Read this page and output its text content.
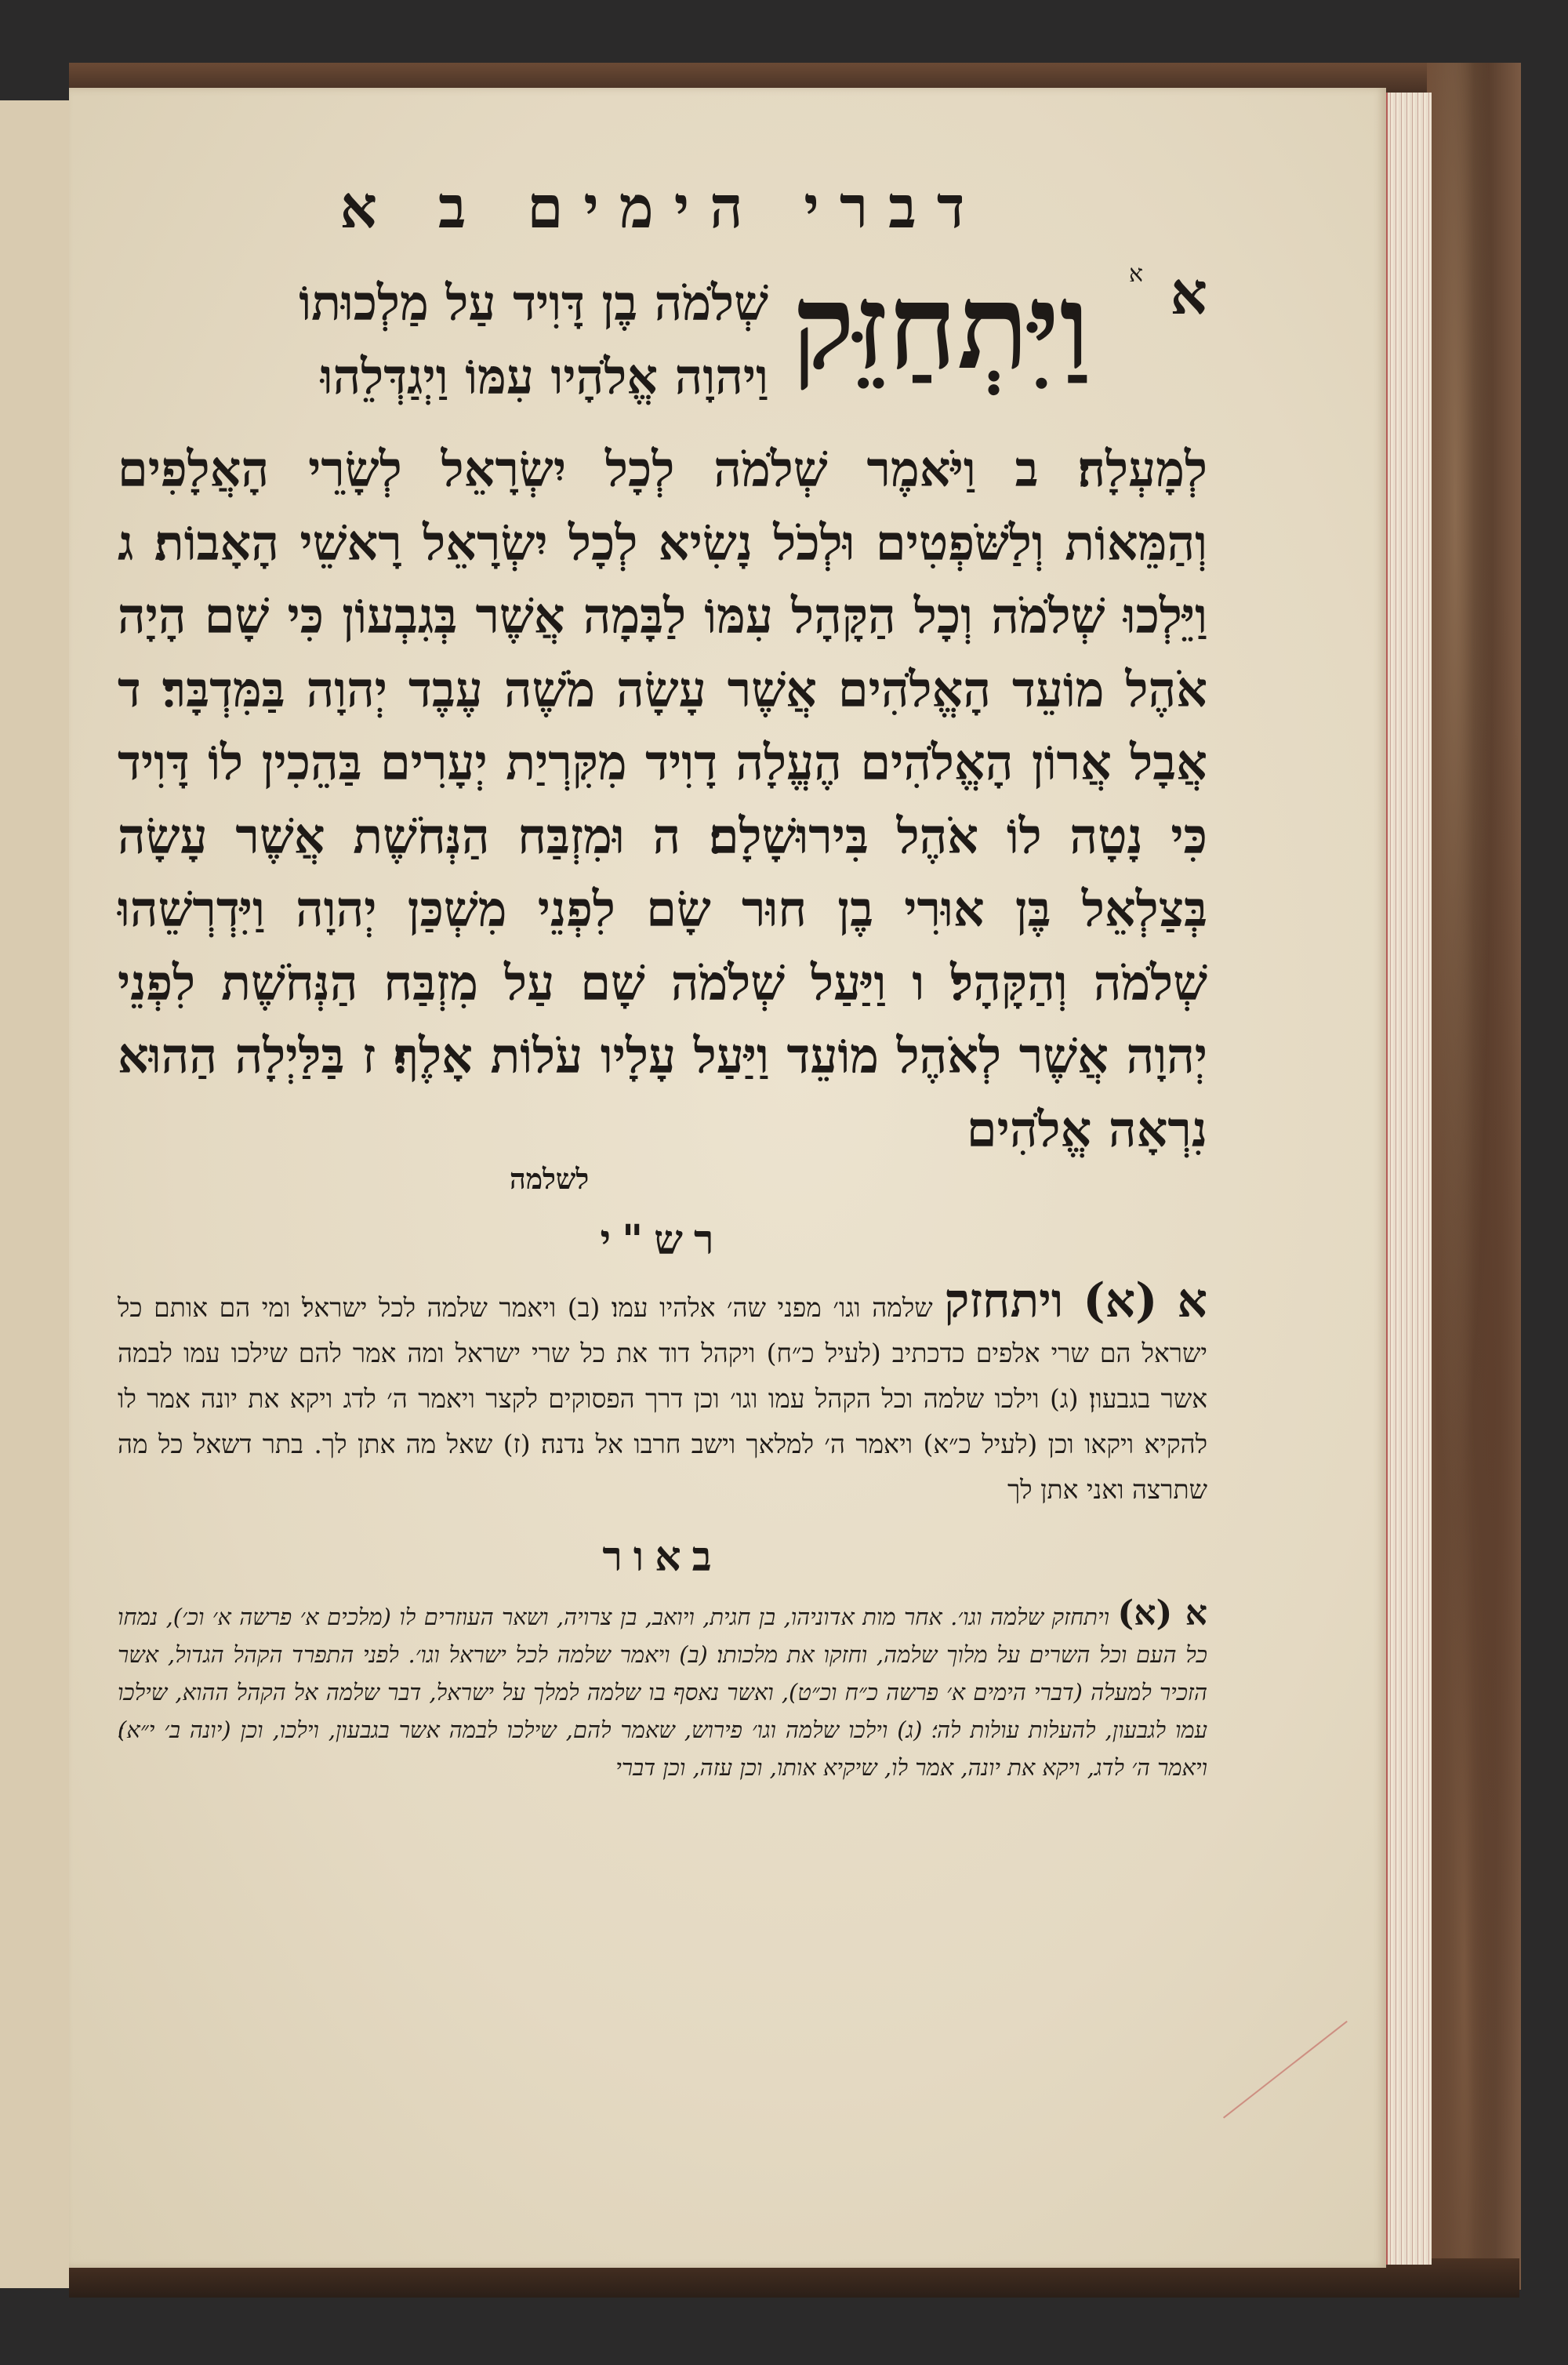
דברי הימים ב א
א
א
וַיִּתְחַזֵּק
שְׁלֹמֹה בֶן דָּוִיד עַל מַלְכוּתוֹ
וַיהוָה אֱלֹהָיו עִמּוֹ וַיְגַדְּלֵהוּ
לְמָעְלָה׃ ב וַיֹּאמֶר שְׁלֹמֹה לְכָל יִשְׂרָאֵל לְשָׂרֵי הָאֲלָפִים וְהַמֵּאוֹת וְלַשֹּׁפְטִים וּלְכֹל נָשִׂיא לְכָל יִשְׂרָאֵל רָאשֵׁי הָאָבוֹת׃ ג וַיֵּלְכוּ שְׁלֹמֹה וְכָל הַקָּהָל עִמּוֹ לַבָּמָה אֲשֶׁר בְּגִבְעוֹן כִּי שָׁם הָיָה אֹהֶל מוֹעֵד הָאֱלֹהִים אֲשֶׁר עָשָׂה מֹשֶׁה עֶבֶד יְהוָה בַּמִּדְבָּר׃ ד אֲבָל אֲרוֹן הָאֱלֹהִים הֶעֱלָה דָוִיד מִקִּרְיַת יְעָרִים בַּהֵכִין לוֹ דָּוִיד כִּי נָטָה לוֹ אֹהֶל בִּירוּשָׁלָם׃ ה וּמִזְבַּח הַנְּחֹשֶׁת אֲשֶׁר עָשָׂה בְּצַלְאֵל בֶּן אוּרִי בֶן חוּר שָׂם לִפְנֵי מִשְׁכַּן יְהוָה וַיִּדְרְשֵׁהוּ שְׁלֹמֹה וְהַקָּהָל׃ ו וַיַּעַל שְׁלֹמֹה שָׁם עַל מִזְבַּח הַנְּחֹשֶׁת לִפְנֵי יְהוָה אֲשֶׁר לְאֹהֶל מוֹעֵד וַיַּעַל עָלָיו עֹלוֹת אָלֶף׃ ז בַּלַּיְלָה הַהוּא נִרְאָה אֱלֹהִים
לשלמה
רש"י
א (א) ויתחזק שלמה וגו׳ מפני שה׳ אלהיו עמו׃ (ב) ויאמר שלמה לכל ישראל׃ ומי הם אותם כל ישראל הם שרי אלפים כדכתיב (לעיל כ״ח) ויקהל דוד את כל שרי ישראל ומה אמר להם שילכו עמו לבמה אשר בגבעון׃ (ג) וילכו שלמה וכל הקהל עמו וגו׳ וכן דרך הפסוקים לקצר ויאמר ה׳ לדג ויקא את יונה אמר לו להקיא ויקאו וכן (לעיל כ״א) ויאמר ה׳ למלאך וישב חרבו אל נדנה׃ (ז) שאל מה אתן לך. בתר דשאל כל מה שתרצה ואני אתן לך
באור
א (א) ויתחזק שלמה וגו׳. אחר מות אדוניהו, בן חגית, ויואב, בן צרויה, ושאר העוזרים לו (מלכים א׳ פרשה א׳ וכ׳), נמחו כל העם וכל השרים על מלוך שלמה, וחזקו את מלכותו׃ (ב) ויאמר שלמה לכל ישראל וגו׳. לפני התפרד הקהל הגדול, אשר הזכיר למעלה (דברי הימים א׳ פרשה כ״ח וכ״ט), ואשר נאסף בו שלמה למלך על ישראל, דבר שלמה אל הקהל ההוא, שילכו עמו לגבעון, להעלות עולות לה׳׃ (ג) וילכו שלמה וגו׳ פירוש, שאמר להם, שילכו לבמה אשר בגבעון, וילכו, וכן (יונה ב׳ י״א)׃ ויאמר ה׳ לדג, ויקא את יונה, אמר לו, שיקיא אותו, וכן עזה, וכן דברי
